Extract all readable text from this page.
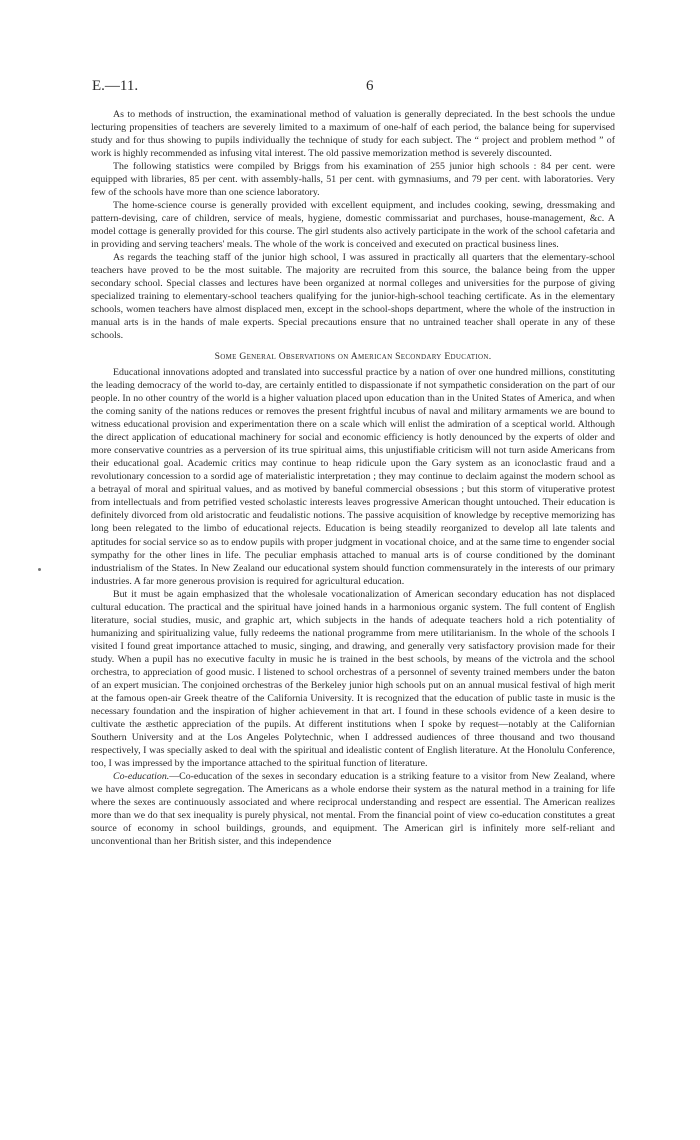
E.—11.	6

As to methods of instruction, the examinational method of valuation is generally depreciated. In the best schools the undue lecturing propensities of teachers are severely limited to a maximum of one-half of each period, the balance being for supervised study and for thus showing to pupils individually the technique of study for each subject. The “ project and problem method ” of work is highly recommended as infusing vital interest. The old passive memorization method is severely discounted.

The following statistics were compiled by Briggs from his examination of 255 junior high schools : 84 per cent. were equipped with libraries, 85 per cent. with assembly-halls, 51 per cent. with gymnasiums, and 79 per cent. with laboratories. Very few of the schools have more than one science laboratory.

The home-science course is generally provided with excellent equipment, and includes cooking, sewing, dressmaking and pattern-devising, care of children, service of meals, hygiene, domestic commissariat and purchases, house-management, &c. A model cottage is generally provided for this course. The girl students also actively participate in the work of the school cafetaria and in providing and serving teachers' meals. The whole of the work is conceived and executed on practical business lines.

As regards the teaching staff of the junior high school, I was assured in practically all quarters that the elementary-school teachers have proved to be the most suitable. The majority are recruited from this source, the balance being from the upper secondary school. Special classes and lectures have been organized at normal colleges and universities for the purpose of giving specialized training to elementary-school teachers qualifying for the junior-high-school teaching certificate. As in the elementary schools, women teachers have almost displaced men, except in the school-shops department, where the whole of the instruction in manual arts is in the hands of male experts. Special precautions ensure that no untrained teacher shall operate in any of these schools.

Some General Observations on American Secondary Education.

Educational innovations adopted and translated into successful practice by a nation of over one hundred millions, constituting the leading democracy of the world to-day, are certainly entitled to dispassionate if not sympathetic consideration on the part of our people. In no other country of the world is a higher valuation placed upon education than in the United States of America, and when the coming sanity of the nations reduces or removes the present frightful incubus of naval and military armaments we are bound to witness educational provision and experimentation there on a scale which will enlist the admiration of a sceptical world. Although the direct application of educational machinery for social and economic efficiency is hotly denounced by the experts of older and more conservative countries as a perversion of its true spiritual aims, this unjustifiable criticism will not turn aside Americans from their educational goal. Academic critics may continue to heap ridicule upon the Gary system as an iconoclastic fraud and a revolutionary concession to a sordid age of materialistic interpretation ; they may continue to declaim against the modern school as a betrayal of moral and spiritual values, and as motived by baneful commercial obsessions ; but this storm of vituperative protest from intellectuals and from petrified vested scholastic interests leaves progressive American thought untouched. Their education is definitely divorced from old aristocratic and feudalistic notions. The passive acquisition of knowledge by receptive memorizing has long been relegated to the limbo of educational rejects. Education is being steadily reorganized to develop all late talents and aptitudes for social service so as to endow pupils with proper judgment in vocational choice, and at the same time to engender social sympathy for the other lines in life. The peculiar emphasis attached to manual arts is of course conditioned by the dominant industrialism of the States. In New Zealand our educational system should function commensurately in the interests of our primary industries. A far more generous provision is required for agricultural education.

But it must be again emphasized that the wholesale vocationalization of American secondary education has not displaced cultural education. The practical and the spiritual have joined hands in a harmonious organic system. The full content of English literature, social studies, music, and graphic art, which subjects in the hands of adequate teachers hold a rich potentiality of humanizing and spiritualizing value, fully redeems the national programme from mere utilitarianism. In the whole of the schools I visited I found great importance attached to music, singing, and drawing, and generally very satisfactory provision made for their study. When a pupil has no executive faculty in music he is trained in the best schools, by means of the victrola and the school orchestra, to appreciation of good music. I listened to school orchestras of a personnel of seventy trained members under the baton of an expert musician. The conjoined orchestras of the Berkeley junior high schools put on an annual musical festival of high merit at the famous open-air Greek theatre of the California University. It is recognized that the education of public taste in music is the necessary foundation and the inspiration of higher achievement in that art. I found in these schools evidence of a keen desire to cultivate the æsthetic appreciation of the pupils. At different institutions when I spoke by request—notably at the Californian Southern University and at the Los Angeles Polytechnic, when I addressed audiences of three thousand and two thousand respectively, I was specially asked to deal with the spiritual and idealistic content of English literature. At the Honolulu Conference, too, I was impressed by the importance attached to the spiritual function of literature.

Co-education.—Co-education of the sexes in secondary education is a striking feature to a visitor from New Zealand, where we have almost complete segregation. The Americans as a whole endorse their system as the natural method in a training for life where the sexes are continuously associated and where reciprocal understanding and respect are essential. The American realizes more than we do that sex inequality is purely physical, not mental. From the financial point of view co-education constitutes a great source of economy in school buildings, grounds, and equipment. The American girl is infinitely more self-reliant and unconventional than her British sister, and this independence
